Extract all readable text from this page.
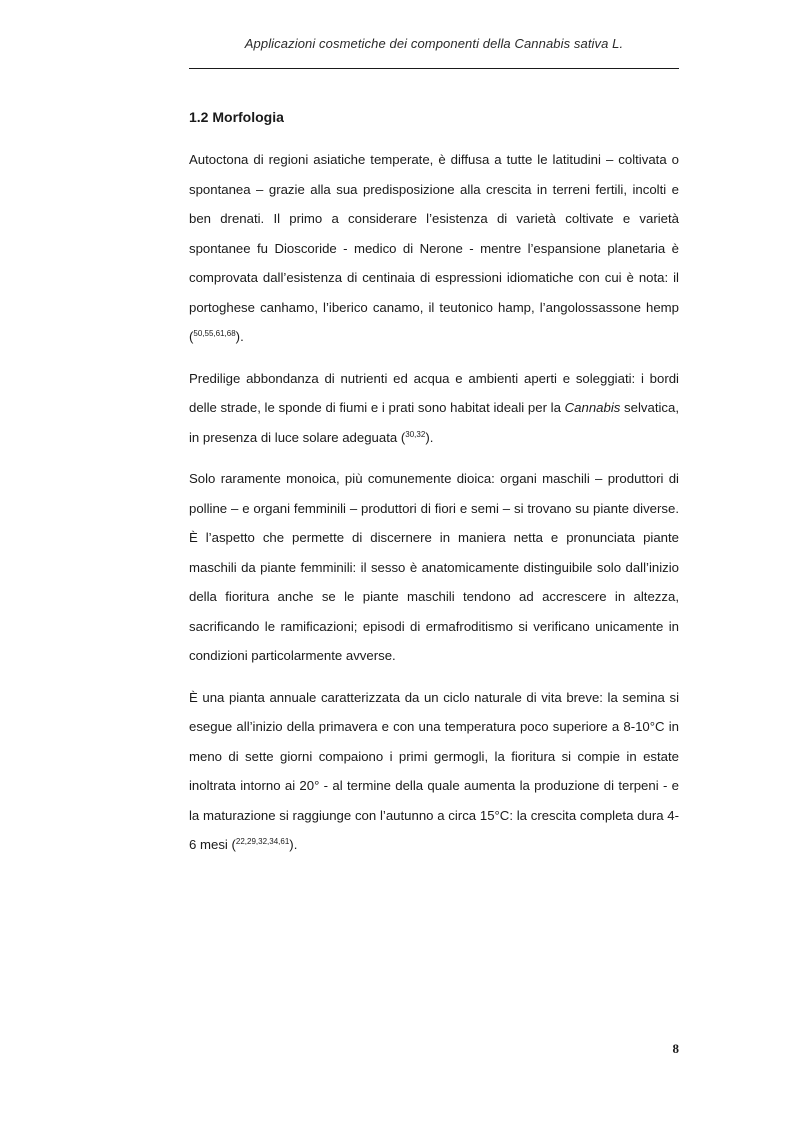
Applicazioni cosmetiche dei componenti della Cannabis sativa L.
1.2 Morfologia

Autoctona di regioni asiatiche temperate, è diffusa a tutte le latitudini – coltivata o spontanea – grazie alla sua predisposizione alla crescita in terreni fertili, incolti e ben drenati. Il primo a considerare l’esistenza di varietà coltivate e varietà spontanee fu Dioscoride - medico di Nerone - mentre l’espansione planetaria è comprovata dall’esistenza di centinaia di espressioni idiomatiche con cui è nota: il portoghese canhamo, l’iberico canamo, il teutonico hamp, l’angolossassone hemp ($^{50,55,61,68}$).

Predilige abbondanza di nutrienti ed acqua e ambienti aperti e soleggiati: i bordi delle strade, le sponde di fiumi e i prati sono habitat ideali per la Cannabis selvatica, in presenza di luce solare adeguata ($^{30,32}$).

Solo raramente monoica, più comunemente dioica: organi maschili – produttori di polline – e organi femminili – produttori di fiori e semi – si trovano su piante diverse. È l’aspetto che permette di discernere in maniera netta e pronunciata piante maschili da piante femminili: il sesso è anatomicamente distinguibile solo dall’inizio della fioritura anche se le piante maschili tendono ad accrescere in altezza, sacrificando le ramificazioni; episodi di ermafroditismo si verificano unicamente in condizioni particolarmente avverse.

È una pianta annuale caratterizzata da un ciclo naturale di vita breve: la semina si esegue all’inizio della primavera e con una temperatura poco superiore a 8-10°C in meno di sette giorni compaiono i primi germogli, la fioritura si compie in estate inoltrata intorno ai 20° - al termine della quale aumenta la produzione di terpeni - e la maturazione si raggiunge con l’autunno a circa 15°C: la crescita completa dura 4-6 mesi ($^{22,29,32,34,61}$).

8
